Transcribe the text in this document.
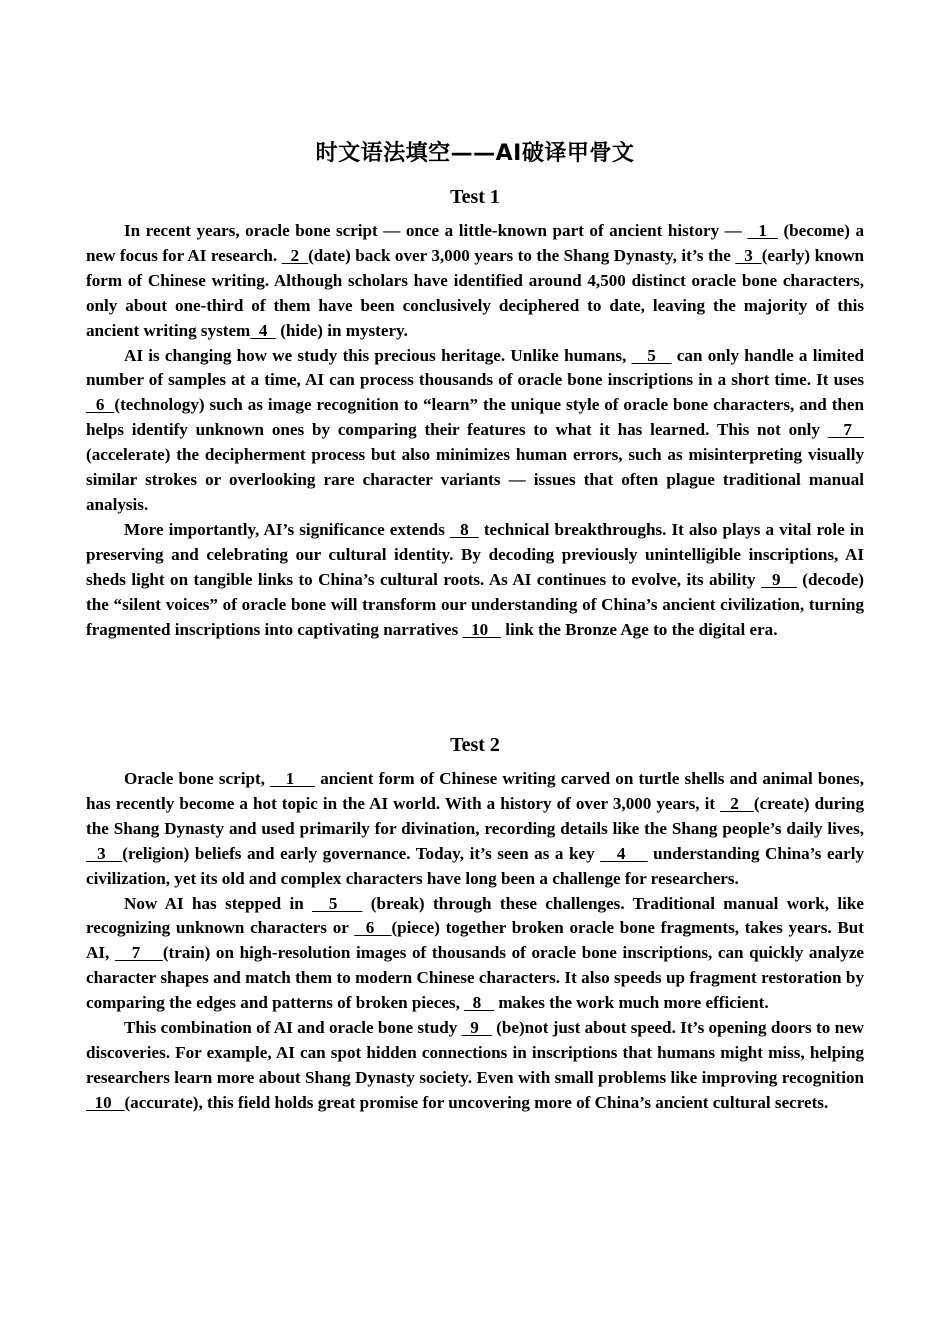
时文语法填空——AI破译甲骨文
Test 1

In recent years, oracle bone script — once a little-known part of ancient history —   1   (become) a new focus for AI research.   2  (date) back over 3,000 years to the Shang Dynasty, it’s the   3  (early) known form of Chinese writing. Although scholars have identified around 4,500 distinct oracle bone characters, only about one-third of them have been conclusively deciphered to date, leaving the majority of this ancient writing system  4   (hide) in mystery.

AI is changing how we study this precious heritage. Unlike humans,    5    can only handle a limited number of samples at a time, AI can process thousands of oracle bone inscriptions in a short time. It uses   6  (technology) such as image recognition to “learn” the unique style of oracle bone characters, and then helps identify unknown ones by comparing their features to what it has learned. This not only   7   (accelerate) the decipherment process but also minimizes human errors, such as misinterpreting visually similar strokes or overlooking rare character variants — issues that often plague traditional manual analysis.

More importantly, AI’s significance extends   8   technical breakthroughs. It also plays a vital role in preserving and celebrating our cultural identity. By decoding previously unintelligible inscriptions, AI sheds light on tangible links to China’s cultural roots. As AI continues to evolve, its ability   9    (decode) the “silent voices” of oracle bone will transform our understanding of China’s ancient civilization, turning fragmented inscriptions into captivating narratives   10    link the Bronze Age to the digital era.

Test 2

Oracle bone script,    1     ancient form of Chinese writing carved on turtle shells and animal bones, has recently become a hot topic in the AI world. With a history of over 3,000 years, it   2   (create) during the Shang Dynasty and used primarily for divination, recording details like the Shang people’s daily lives,   3   (religion) beliefs and early governance. Today, it’s seen as a key    4     understanding China’s early civilization, yet its old and complex characters have long been a challenge for researchers.

Now AI has stepped in   5    (break) through these challenges. Traditional manual work, like recognizing unknown characters or   6   (piece) together broken oracle bone fragments, takes years. But AI,    7    (train) on high-resolution images of thousands of oracle bone inscriptions, can quickly analyze character shapes and match them to modern Chinese characters. It also speeds up fragment restoration by comparing the edges and patterns of broken pieces,   8    makes the work much more efficient.

This combination of AI and oracle bone study   9    (be)not just about speed. It’s opening doors to new discoveries. For example, AI can spot hidden connections in inscriptions that humans might miss, helping researchers learn more about Shang Dynasty society. Even with small problems like improving recognition   10   (accurate), this field holds great promise for uncovering more of China’s ancient cultural secrets.
